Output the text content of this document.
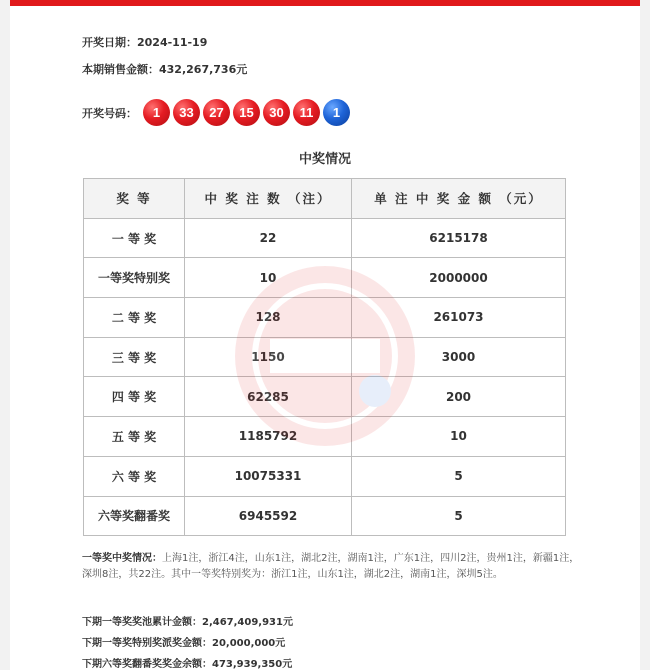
开奖日期：2024-11-19
本期销售金额：432,267,736元
开奖号码：	1	33	27	15	30	11	1
中奖情况
奖 等	中 奖 注 数 （注）	单 注 中 奖 金 额 （元）
一 等 奖	22	6215178
一等奖特别奖	10	2000000
二 等 奖	128	261073
三 等 奖	1150	3000
四 等 奖	62285	200
五 等 奖	1185792	10
六 等 奖	10075331	5
六等奖翻番奖	6945592	5
一等奖中奖情况：上海1注，浙江4注，山东1注，湖北2注，湖南1注，广东1注，四川2注，贵州1注，新疆1注，深圳8注，共22注。其中一等奖特别奖为：浙江1注，山东1注，湖北2注，湖南1注，深圳5注。
下期一等奖奖池累计金额：2,467,409,931元
下期一等奖特别奖派奖金额：20,000,000元
下期六等奖翻番奖奖金余额：473,939,350元
